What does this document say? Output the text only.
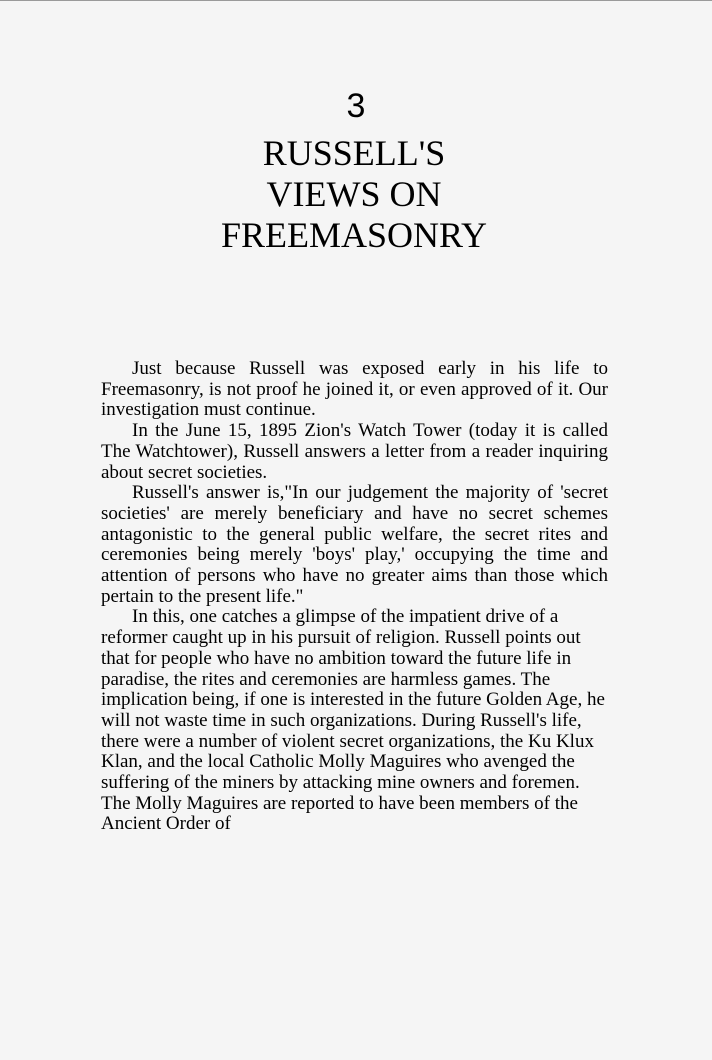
3
RUSSELL'S
VIEWS ON
FREEMASONRY

Just because Russell was exposed early in his life to Freemasonry, is not proof he joined it, or even approved of it. Our investigation must continue.

In the June 15, 1895 Zion's Watch Tower (today it is called The Watchtower), Russell answers a letter from a reader inquiring about secret societies.

Russell's answer is,"In our judgement the majority of 'secret societies' are merely beneficiary and have no secret schemes antagonistic to the general public welfare, the secret rites and ceremonies being merely 'boys' play,' occupying the time and attention of persons who have no greater aims than those which pertain to the present life."

In this, one catches a glimpse of the impatient drive of a reformer caught up in his pursuit of religion. Russell points out that for people who have no ambition toward the future life in paradise, the rites and ceremonies are harmless games. The implication being, if one is interested in the future Golden Age, he will not waste time in such organizations. During Russell's life, there were a number of violent secret organizations, the Ku Klux Klan, and the local Catholic Molly Maguires who avenged the suffering of the miners by attacking mine owners and foremen. The Molly Maguires are reported to have been members of the Ancient Order of
